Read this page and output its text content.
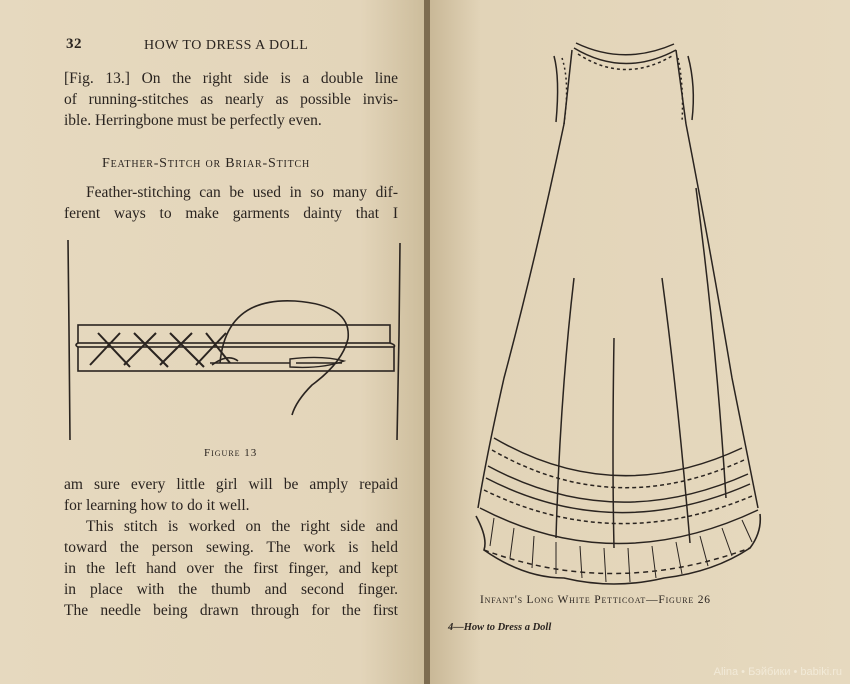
32	HOW TO DRESS A DOLL
[Fig. 13.] On the right side is a double line
of running-stitches as nearly as possible invis-
ible. Herringbone must be perfectly even.
Feather-Stitch or Briar-Stitch
Feather-stitching can be used in so many dif-
ferent ways to make garments dainty that I
Figure 13
am sure every little girl will be amply repaid
for learning how to do it well.
This stitch is worked on the right side and
toward the person sewing. The work is held
in the left hand over the first finger, and kept
in place with the thumb and second finger.
The needle being drawn through for the first
Infant's Long White Petticoat—Figure 26
4—How to Dress a Doll
Alina • Бэйбики • babiki.ru
